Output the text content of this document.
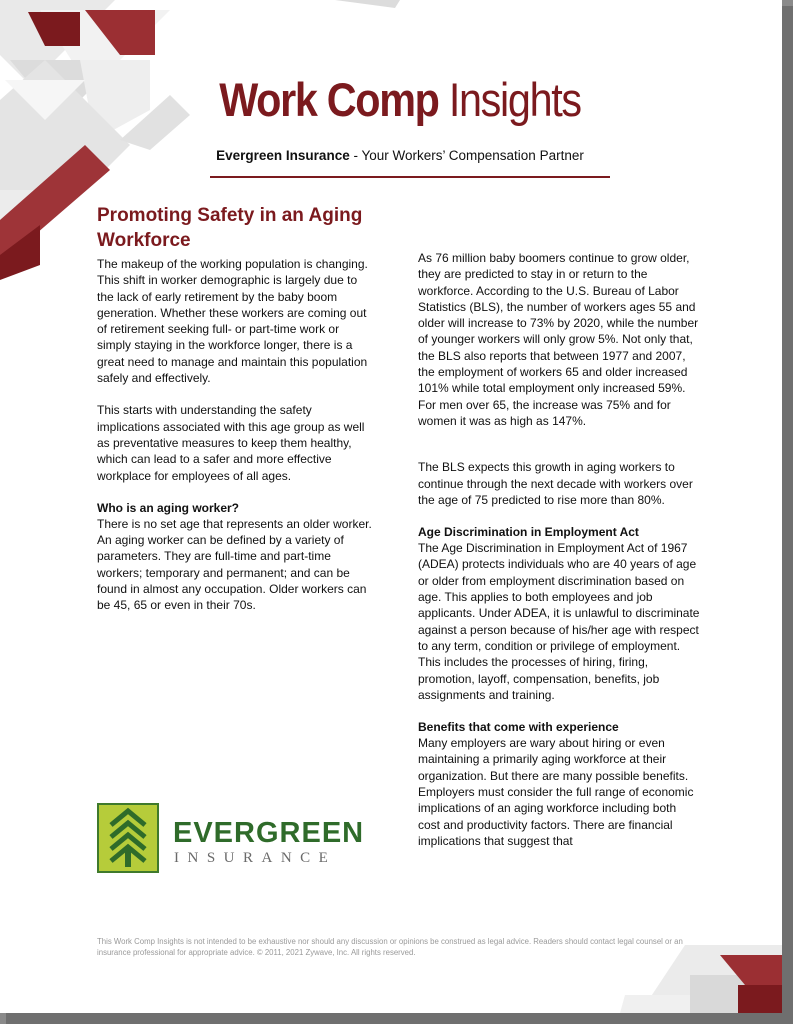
Work Comp Insights
Evergreen Insurance - Your Workers’ Compensation Partner
Promoting Safety in an Aging Workforce

The makeup of the working population is changing. This shift in worker demographic is largely due to the lack of early retirement by the baby boom generation. Whether these workers are coming out of retirement seeking full- or part-time work or simply staying in the workforce longer, there is a great need to manage and maintain this population safely and effectively.

This starts with understanding the safety implications associated with this age group as well as preventative measures to keep them healthy, which can lead to a safer and more effective workplace for employees of all ages.

Who is an aging worker?

There is no set age that represents an older worker. An aging worker can be defined by a variety of parameters. They are full-time and part-time workers; temporary and permanent; and can be found in almost any occupation. Older workers can be 45, 65 or even in their 70s.

As 76 million baby boomers continue to grow older, they are predicted to stay in or return to the workforce. According to the U.S. Bureau of Labor Statistics (BLS), the number of workers ages 55 and older will increase to 73% by 2020, while the number of younger workers will only grow 5%. Not only that, the BLS also reports that between 1977 and 2007, the employment of workers 65 and older increased 101% while total employment only increased 59%. For men over 65, the increase was 75% and for women it was as high as 147%.

The BLS expects this growth in aging workers to continue through the next decade with workers over the age of 75 predicted to rise more than 80%.

Age Discrimination in Employment Act

The Age Discrimination in Employment Act of 1967 (ADEA) protects individuals who are 40 years of age or older from employment discrimination based on age. This applies to both employees and job applicants. Under ADEA, it is unlawful to discriminate against a person because of his/her age with respect to any term, condition or privilege of employment. This includes the processes of hiring, firing, promotion, layoff, compensation, benefits, job assignments and training.

Benefits that come with experience

Many employers are wary about hiring or even maintaining a primarily aging workforce at their organization. But there are many possible benefits. Employers must consider the full range of economic implications of an aging workforce including both cost and productivity factors. There are financial implications that suggest that

EVERGREEN
INSURANCE
This Work Comp Insights is not intended to be exhaustive nor should any discussion or opinions be construed as legal advice. Readers should contact legal counsel or an insurance professional for appropriate advice. © 2011, 2021 Zywave, Inc. All rights reserved.
